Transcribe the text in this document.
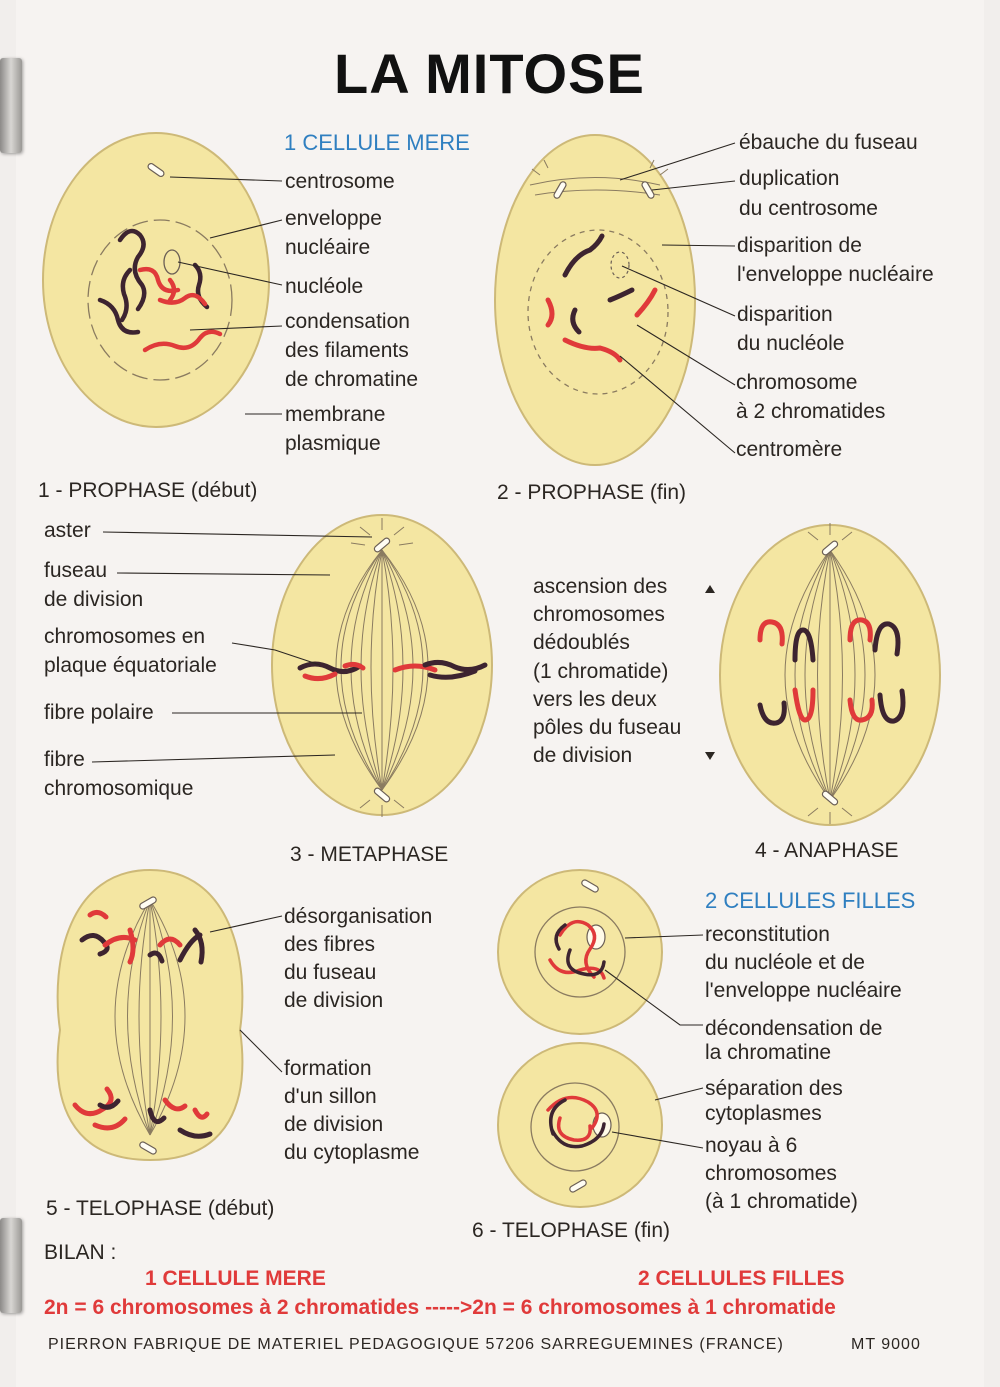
LA MITOSE
1 CELLULE MERE
centrosome
enveloppe
nucléaire
nucléole
condensation
des filaments
de chromatine
membrane
plasmique
1 - PROPHASE (début)
ébauche du fuseau
duplication
du centrosome
disparition de
l'enveloppe nucléaire
disparition
du nucléole
chromosome
à 2 chromatides
centromère
2 - PROPHASE (fin)
aster
fuseau
de division
chromosomes en
plaque équatoriale
fibre polaire
fibre
chromosomique
3 - METAPHASE
ascension des
chromosomes
dédoublés
(1 chromatide)
vers les deux
pôles du fuseau
de division
4 - ANAPHASE
désorganisation
des fibres
du fuseau
de division
formation
d'un sillon
de division
du cytoplasme
5 - TELOPHASE (début)
2 CELLULES FILLES
reconstitution
du nucléole et de
l'enveloppe nucléaire
décondensation de
la chromatine
séparation des
cytoplasmes
noyau à 6
chromosomes
(à 1 chromatide)
6 - TELOPHASE (fin)
BILAN :
1 CELLULE MERE	2 CELLULES FILLES
2n = 6 chromosomes à 2 chromatides ----->2n = 6 chromosomes à 1 chromatide
PIERRON FABRIQUE DE MATERIEL PEDAGOGIQUE 57206 SARREGUEMINES (FRANCE)	MT 9000
